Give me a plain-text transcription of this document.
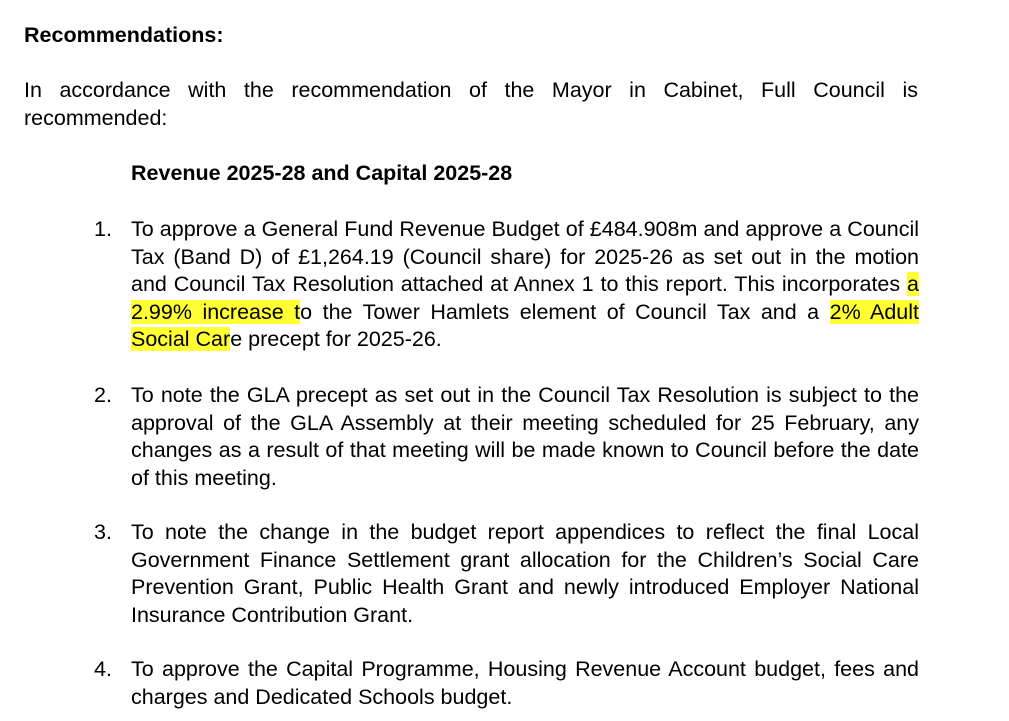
Recommendations:
In accordance with the recommendation of the Mayor in Cabinet, Full Council is recommended:
Revenue 2025-28 and Capital 2025-28
1. To approve a General Fund Revenue Budget of £484.908m and approve a Council Tax (Band D) of £1,264.19 (Council share) for 2025-26 as set out in the motion and Council Tax Resolution attached at Annex 1 to this report. This incorporates a 2.99% increase to the Tower Hamlets element of Council Tax and a 2% Adult Social Care precept for 2025-26.
2. To note the GLA precept as set out in the Council Tax Resolution is subject to the approval of the GLA Assembly at their meeting scheduled for 25 February, any changes as a result of that meeting will be made known to Council before the date of this meeting.
3. To note the change in the budget report appendices to reflect the final Local Government Finance Settlement grant allocation for the Children’s Social Care Prevention Grant, Public Health Grant and newly introduced Employer National Insurance Contribution Grant.
4. To approve the Capital Programme, Housing Revenue Account budget, fees and charges and Dedicated Schools budget.
